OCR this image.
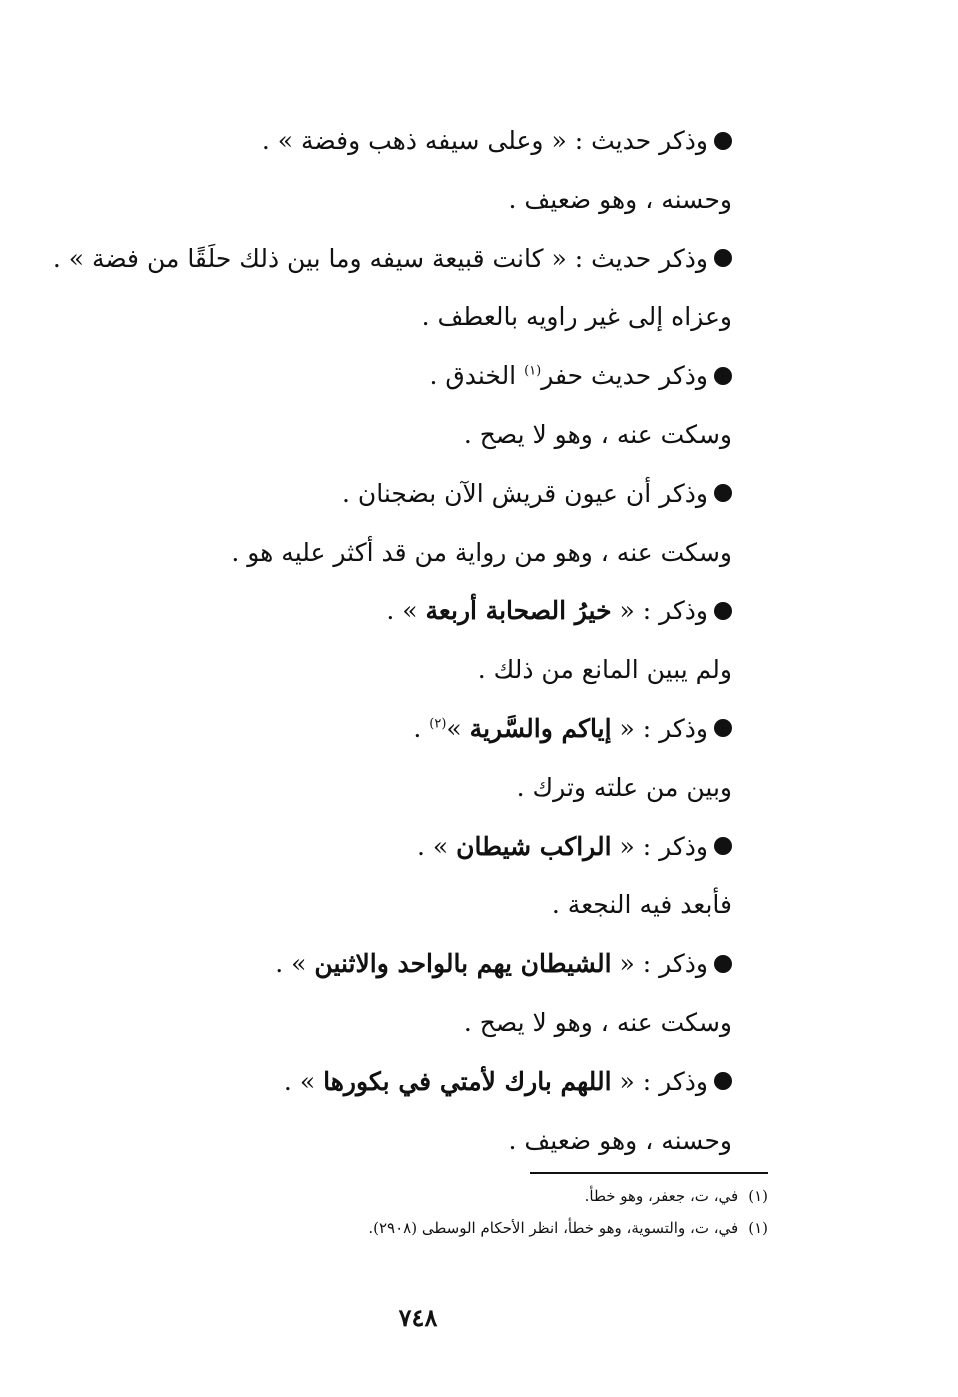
وذكر حديث : « وعلى سيفه ذهب وفضة » .
وحسنه ، وهو ضعيف .
وذكر حديث : « كانت قبيعة سيفه وما بين ذلك حلَقًا من فضة » .
وعزاه إلى غير راويه بالعطف .
وذكر حديث حفر$^{(١)}$ الخندق .
وسكت عنه ، وهو لا يصح .
وذكر أن عيون قريش الآن بضجنان .
وسكت عنه ، وهو من رواية من قد أكثر عليه هو .
وذكر : « خيرُ الصحابة أربعة » .
ولم يبين المانع من ذلك .
وذكر : « إياكم والسَّرية »$^{(٢)}$ .
وبين من علته وترك .
وذكر : « الراكب شيطان » .
فأبعد فيه النجعة .
وذكر : « الشيطان يهم بالواحد والاثنين » .
وسكت عنه ، وهو لا يصح .
وذكر : « اللهم بارك لأمتي في بكورها » .
وحسنه ، وهو ضعيف .
(١)في، ت، جعفر، وهو خطأ.
(١)في، ت، والتسوية، وهو خطأ، انظر الأحكام الوسطى (٢٩٠٨).
٧٤٨
